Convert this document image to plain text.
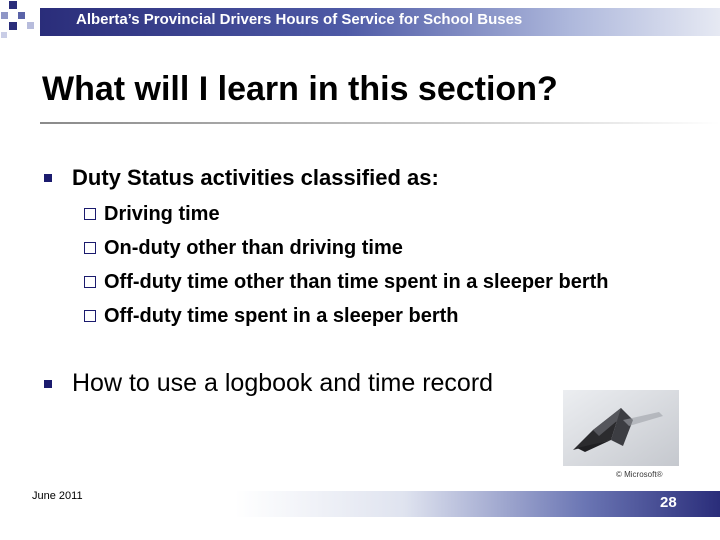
Alberta’s Provincial Drivers Hours of Service for School Buses
What will I learn in this section?
Duty Status activities classified as:
Driving time
On-duty other than driving time
Off-duty time other than time spent in a sleeper berth
Off-duty time spent in a sleeper berth
How to use a logbook and time record
© Microsoft®
June 2011	28
